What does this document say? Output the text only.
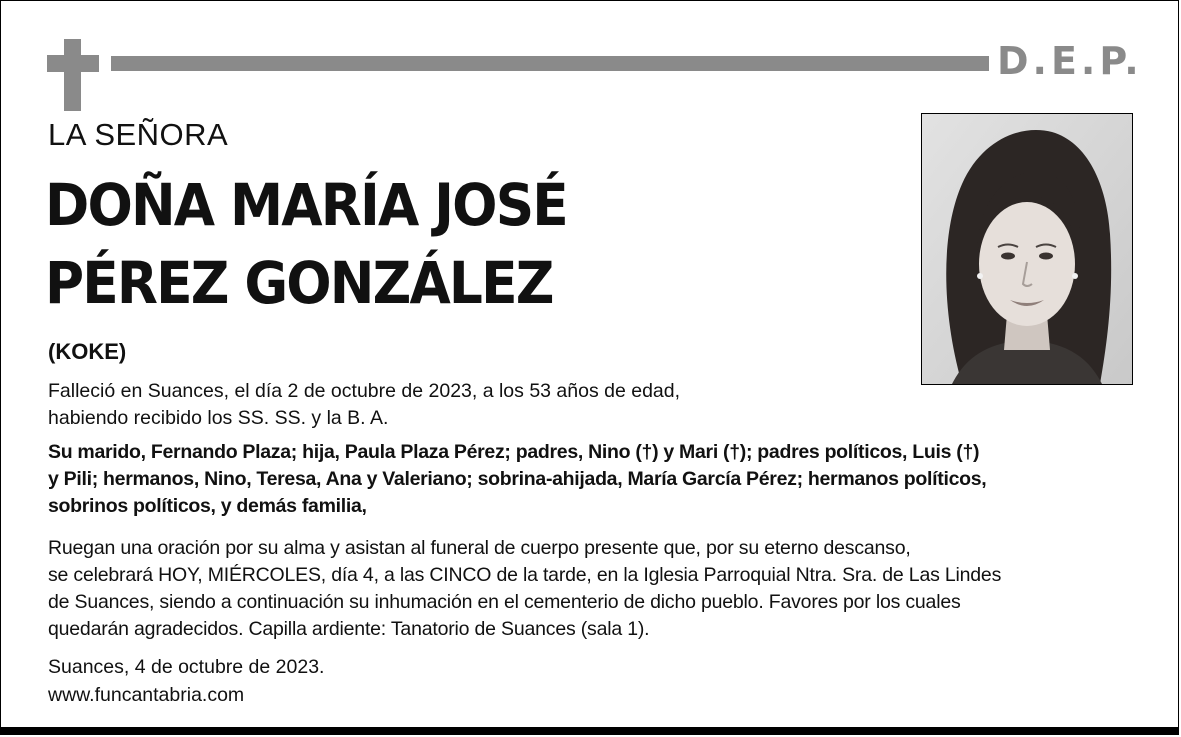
D.E.P.
LA SEÑORA
DOÑA MARÍA JOSÉ
PÉREZ GONZÁLEZ
(KOKE)

Falleció en Suances, el día 2 de octubre de 2023, a los 53 años de edad,
habiendo recibido los SS. SS. y la B. A.

Su marido, Fernando Plaza; hija, Paula Plaza Pérez; padres, Nino (†) y Mari (†); padres políticos, Luis (†)
y Pili; hermanos, Nino, Teresa, Ana y Valeriano; sobrina-ahijada, María García Pérez; hermanos políticos,
sobrinos políticos, y demás familia,

Ruegan una oración por su alma y asistan al funeral de cuerpo presente que, por su eterno descanso,
se celebrará HOY, MIÉRCOLES, día 4, a las CINCO de la tarde, en la Iglesia Parroquial Ntra. Sra. de Las Lindes
de Suances, siendo a continuación su inhumación en el cementerio de dicho pueblo. Favores por los cuales
quedarán agradecidos. Capilla ardiente: Tanatorio de Suances (sala 1).

Suances, 4 de octubre de 2023.

www.funcantabria.com
